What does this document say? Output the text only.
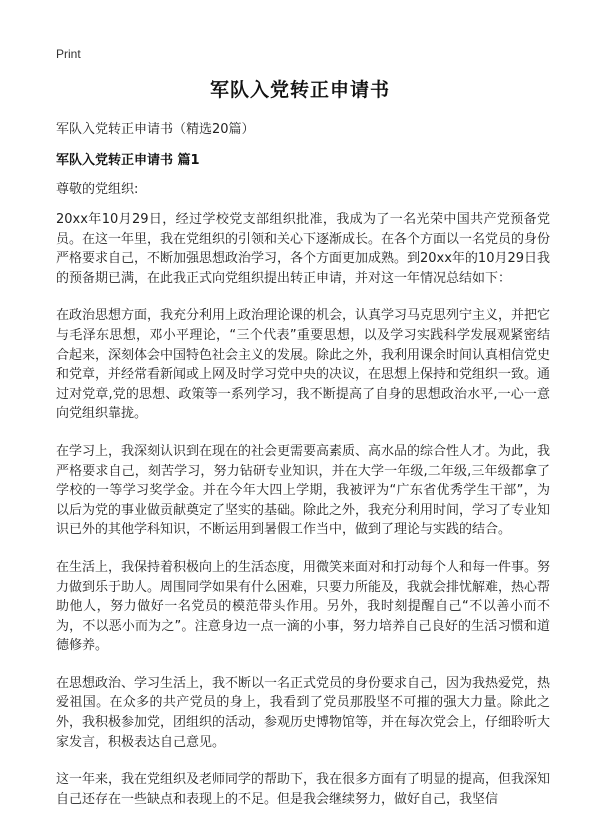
Print
军队入党转正申请书
军队入党转正申请书（精选20篇）
军队入党转正申请书 篇1
尊敬的党组织:

20xx年10月29日，经过学校党支部组织批准，我成为了一名光荣中国共产党预备党员。在这一年里，我在党组织的引领和关心下逐渐成长。在各个方面以一名党员的身份严格要求自己，不断加强思想政治学习，各个方面更加成熟。到20xx年的10月29日我的预备期已满，在此我正式向党组织提出转正申请，并对这一年情况总结如下：

在政治思想方面，我充分利用上政治理论课的机会，认真学习马克思列宁主义，并把它与毛泽东思想，邓小平理论，“三个代表”重要思想，以及学习实践科学发展观紧密结合起来，深刻体会中国特色社会主义的发展。除此之外，我利用课余时间认真相信党史和党章，并经常看新闻或上网及时学习党中央的决议，在思想上保持和党组织一致。通过对党章,党的思想、政策等一系列学习，我不断提高了自身的思想政治水平,一心一意向党组织靠拢。

在学习上，我深刻认识到在现在的社会更需要高素质、高水品的综合性人才。为此，我严格要求自己，刻苦学习，努力钻研专业知识，并在大学一年级,二年级,三年级都拿了学校的一等学习奖学金。并在今年大四上学期，我被评为“广东省优秀学生干部”，为以后为党的事业做贡献奠定了坚实的基础。除此之外，我充分利用时间，学习了专业知识已外的其他学科知识，不断运用到暑假工作当中，做到了理论与实践的结合。

在生活上，我保持着积极向上的生活态度，用微笑来面对和打动每个人和每一件事。努力做到乐于助人。周围同学如果有什么困难，只要力所能及，我就会排忧解难，热心帮助他人，努力做好一名党员的模范带头作用。另外，我时刻提醒自己“不以善小而不为，不以恶小而为之”。注意身边一点一滴的小事，努力培养自己良好的生活习惯和道德修养。

在思想政治、学习生活上，我不断以一名正式党员的身份要求自己，因为我热爱党，热爱祖国。在众多的共产党员的身上，我看到了党员那股坚不可摧的强大力量。除此之外，我积极参加党，团组织的活动，参观历史博物馆等，并在每次党会上，仔细聆听大家发言，积极表达自己意见。

这一年来，我在党组织及老师同学的帮助下，我在很多方面有了明显的提高，但我深知自己还存在一些缺点和表现上的不足。但是我会继续努力，做好自己，我坚信
